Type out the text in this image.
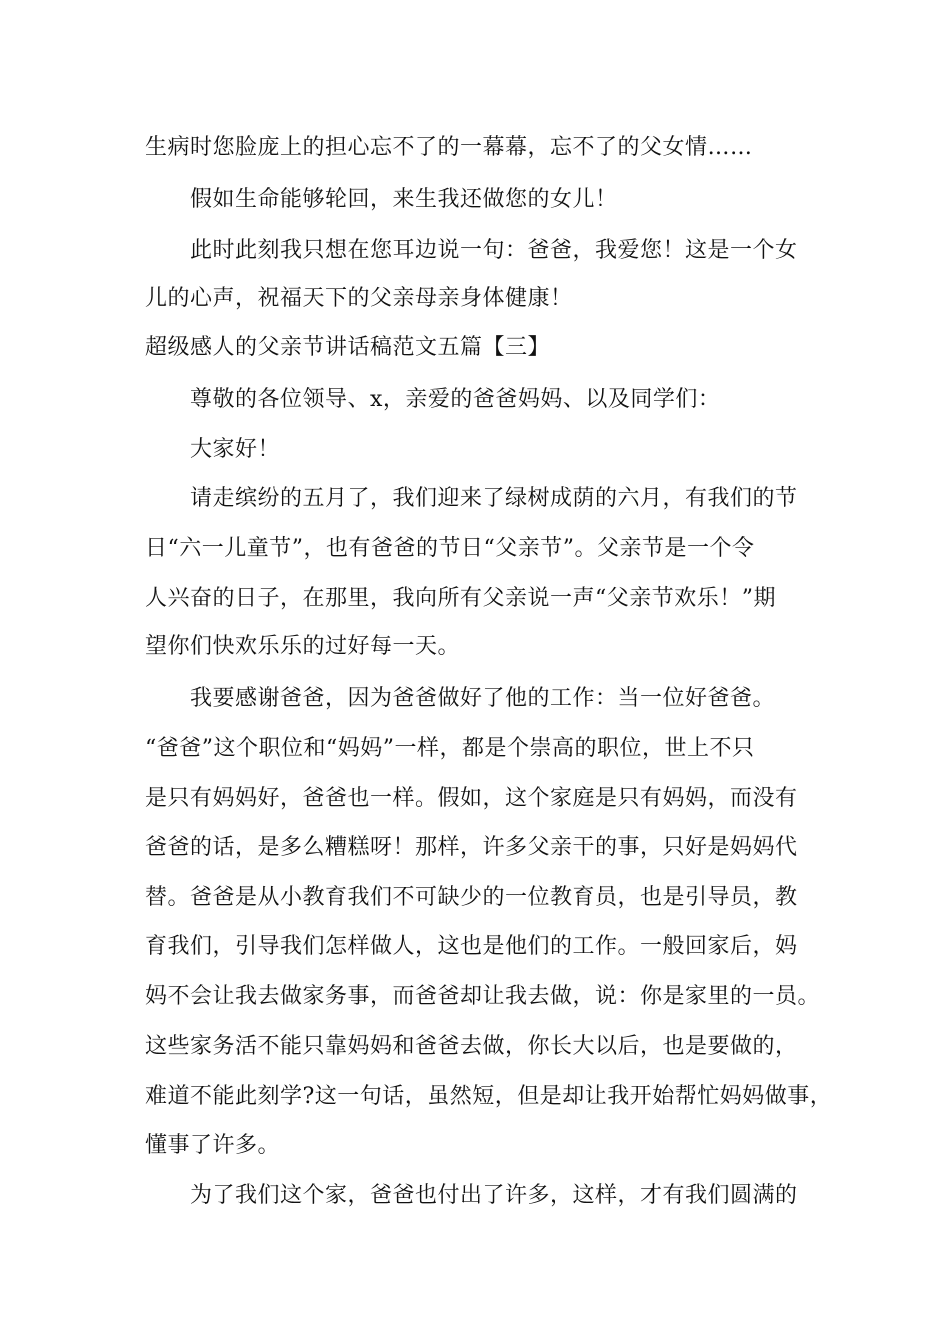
生病时您脸庞上的担心忘不了的一幕幕，忘不了的父女情……
假如生命能够轮回，来生我还做您的女儿！
此时此刻我只想在您耳边说一句：爸爸，我爱您！这是一个女
儿的心声，祝福天下的父亲母亲身体健康！
超级感人的父亲节讲话稿范文五篇【三】
尊敬的各位领导、x，亲爱的爸爸妈妈、以及同学们：
大家好！
请走缤纷的五月了，我们迎来了绿树成荫的六月，有我们的节
日“六一儿童节”，也有爸爸的节日“父亲节”。父亲节是一个令
人兴奋的日子，在那里，我向所有父亲说一声“父亲节欢乐！”期
望你们快欢乐乐的过好每一天。
我要感谢爸爸，因为爸爸做好了他的工作：当一位好爸爸。
“爸爸”这个职位和“妈妈”一样，都是个崇高的职位，世上不只
是只有妈妈好，爸爸也一样。假如，这个家庭是只有妈妈，而没有
爸爸的话，是多么糟糕呀！那样，许多父亲干的事，只好是妈妈代
替。爸爸是从小教育我们不可缺少的一位教育员，也是引导员，教
育我们，引导我们怎样做人，这也是他们的工作。一般回家后，妈
妈不会让我去做家务事，而爸爸却让我去做，说：你是家里的一员。
这些家务活不能只靠妈妈和爸爸去做，你长大以后，也是要做的，
难道不能此刻学?这一句话，虽然短，但是却让我开始帮忙妈妈做事，
懂事了许多。
为了我们这个家，爸爸也付出了许多，这样，才有我们圆满的
